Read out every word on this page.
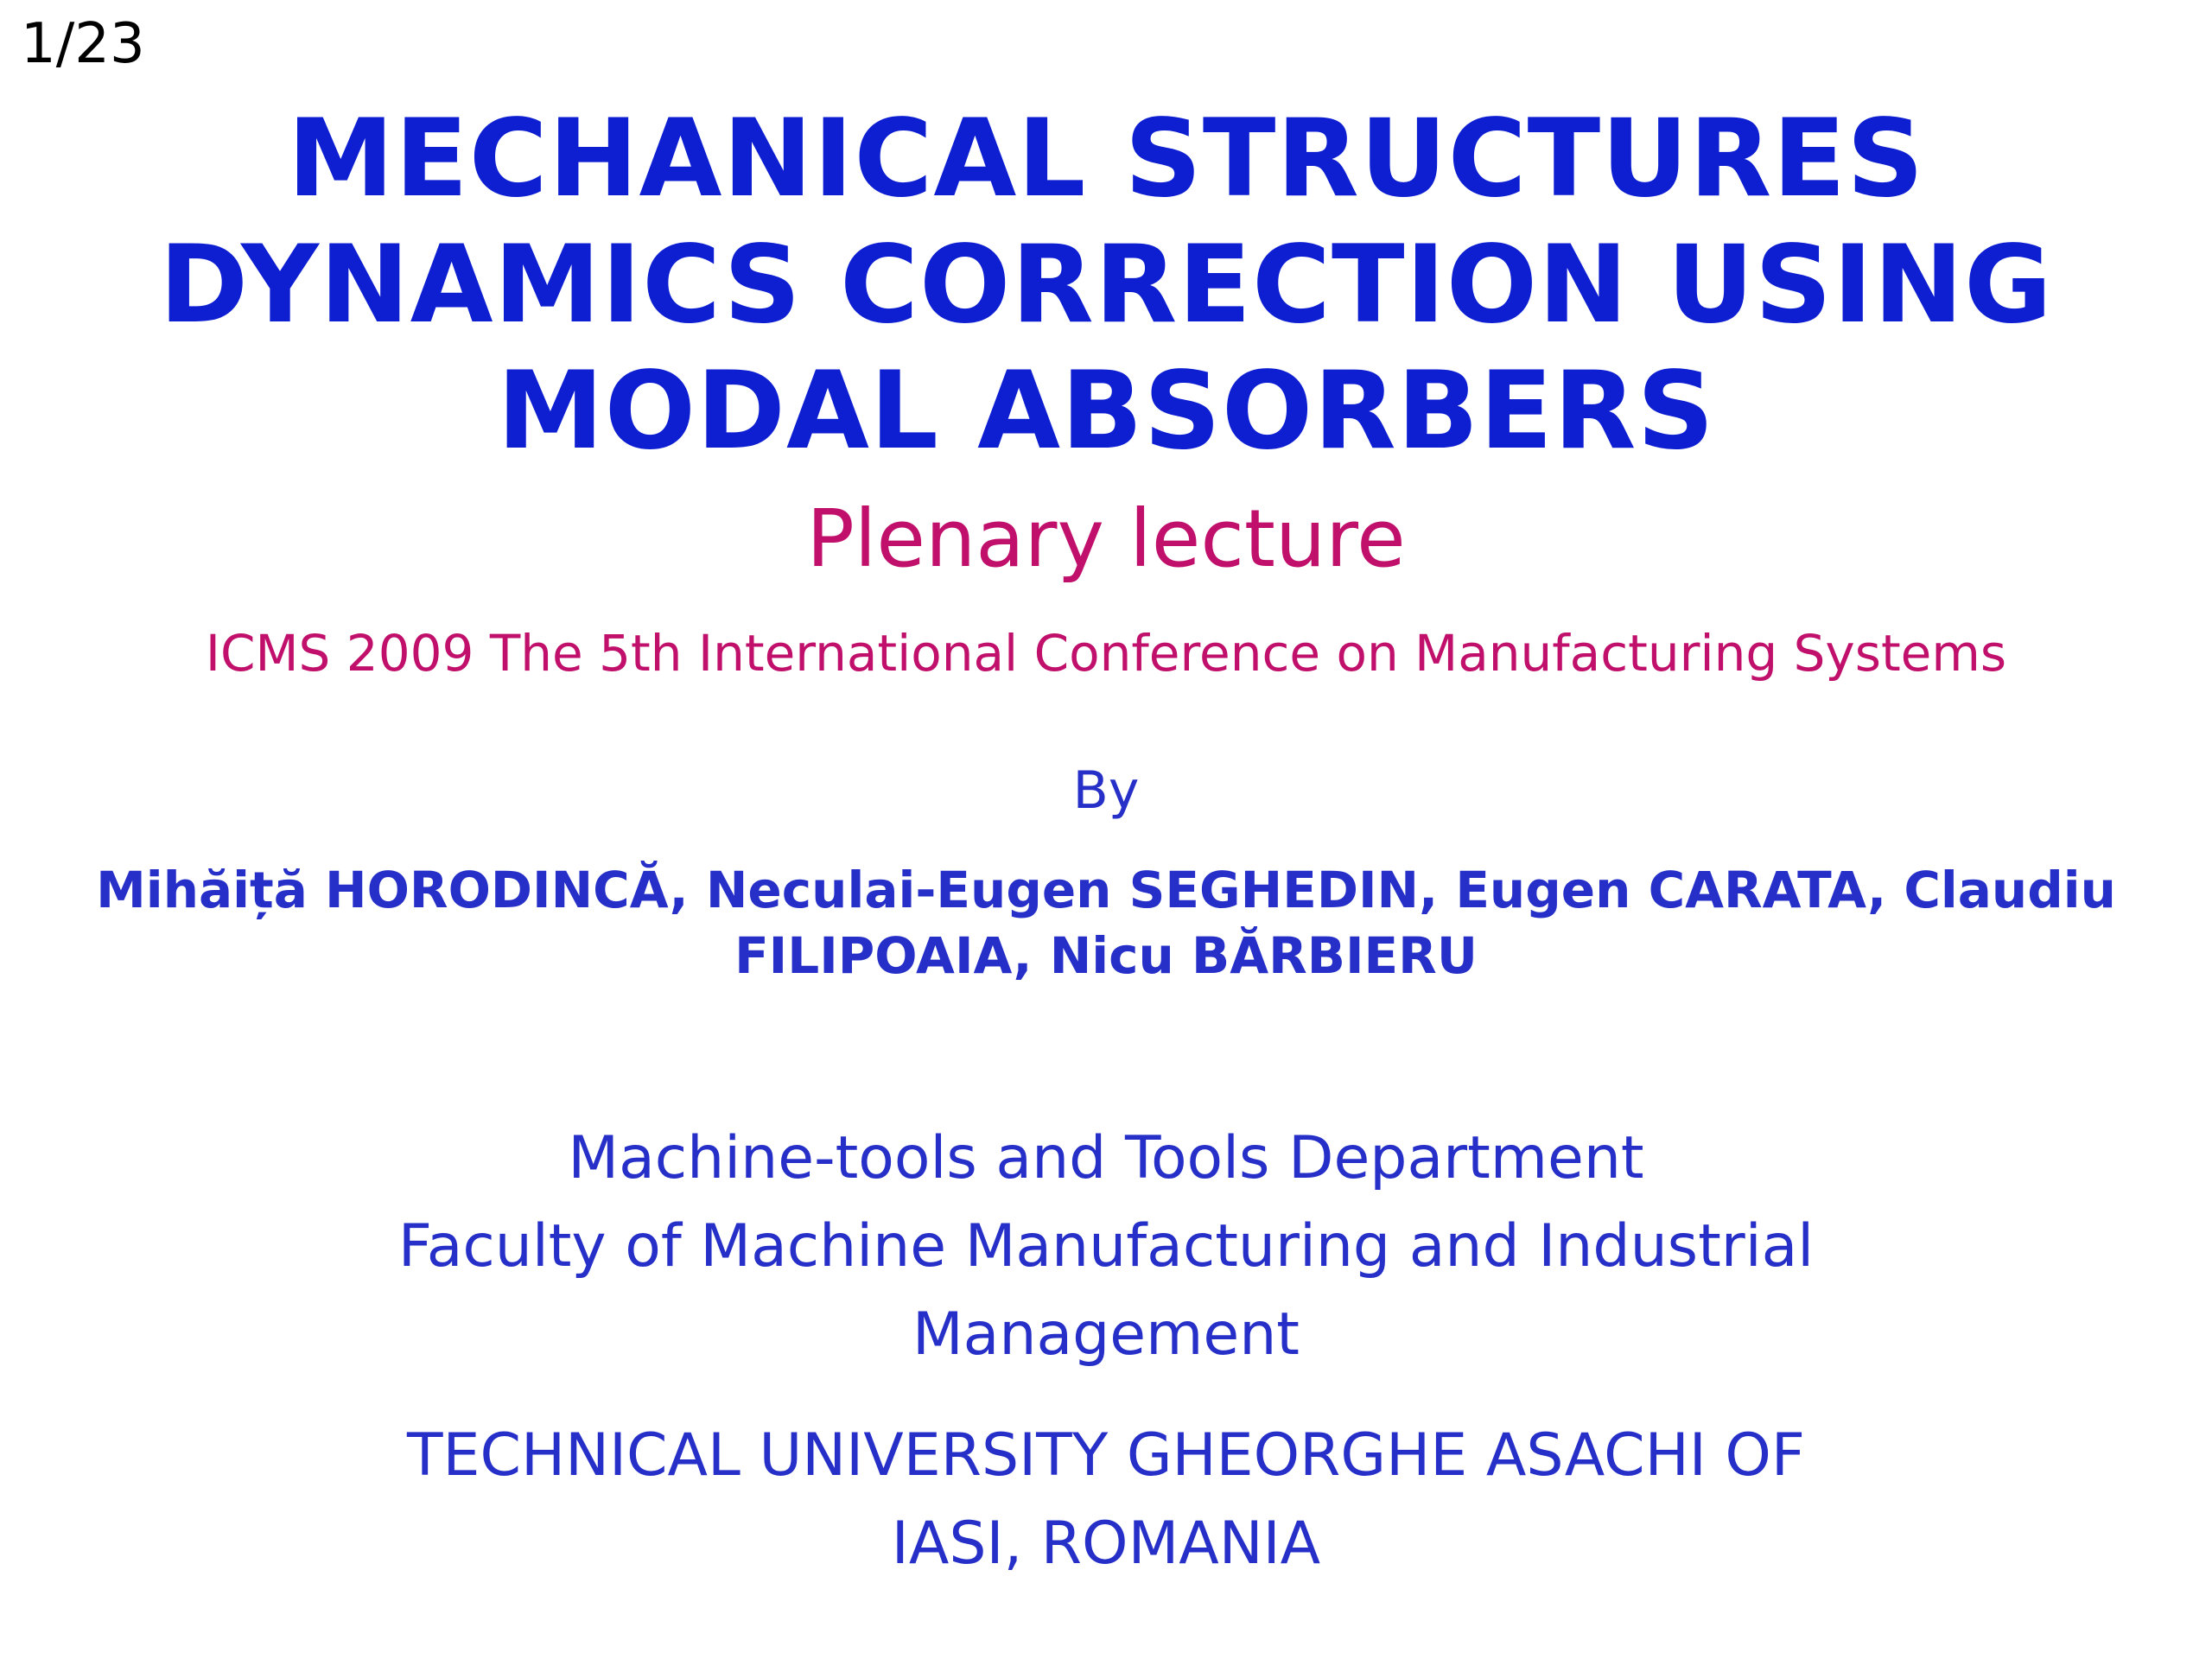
1/23
MECHANICAL STRUCTURES
DYNAMICS CORRECTION USING
MODAL ABSORBERS
Plenary lecture
ICMS 2009 The 5th International Conference on Manufacturing Systems
By
Mihăiță HORODINCĂ, Neculai-Eugen SEGHEDIN, Eugen CARATA, Claudiu
FILIPOAIA, Nicu BĂRBIERU
Machine-tools and Tools Department
Faculty of Machine Manufacturing and Industrial
Management
TECHNICAL UNIVERSITY GHEORGHE ASACHI OF
IASI, ROMANIA
